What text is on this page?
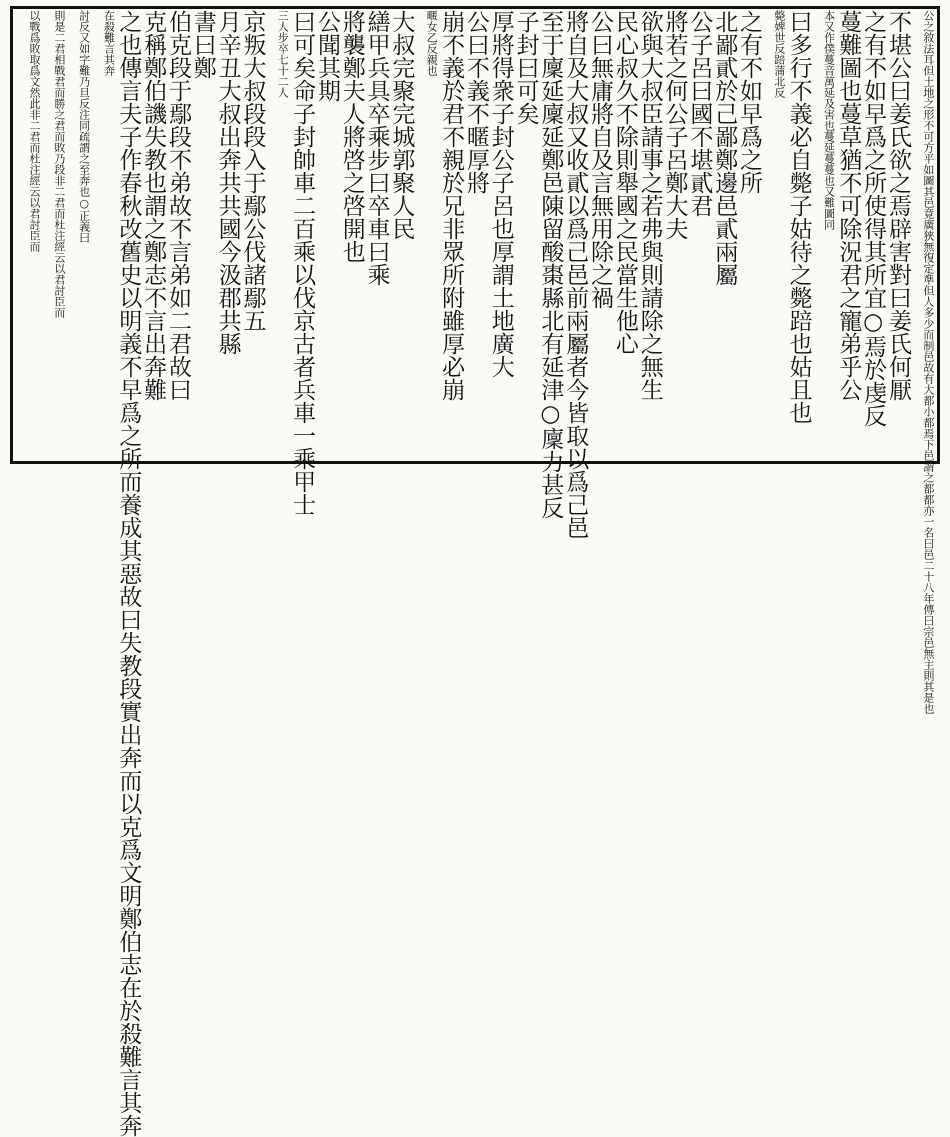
公之敘法耳但土地之形不可方平如圖其邑竟廣狹無復定準但人多少而制邑故有大都小都焉下邑謂之都都亦一名曰邑二十八年傳曰宗邑無主則其是也
不堪公曰姜氏欲之焉辟害對曰姜氏何厭
之有不如早爲之所使得其所宜○焉於虔反
蔓難圖也蔓草猶不可除況君之寵弟乎公
本又作僕蔓音萬延及害也蔓延蔓蔓也又難圖同
曰多行不義必自斃子姑待之斃踣也姑且也
斃婢世反踣蒲北反
之有不如早爲之所
北鄙貳於己鄙鄭邊邑貳兩屬
公子呂曰國不堪貳君
將若之何公子呂鄭大夫
欲與大叔臣請事之若弗與則請除之無生
民心叔久不除則舉國之民當生他心
公曰無庸將自及言無用除之禍
將自及大叔又收貳以爲己邑前兩屬者今皆取以爲己邑
至于廩延廩延鄭邑陳留酸棗縣北有延津○廩力甚反
子封曰可矣
厚將得衆子封公子呂也厚謂土地廣大
公曰不義不暱厚將
崩不義於君不親於兄非眾所附雖厚必崩
暱女乙反親也
大叔完聚完城郭聚人民
繕甲兵具卒乘步曰卒車曰乘
將襲鄭夫人將啓之啓開也
公聞其期
曰可矣命子封帥車二百乘以伐京古者兵車一乘甲士
三人步卒七十二人
京叛大叔段段入于鄢公伐諸鄢五
月辛丑大叔出奔共共國今汲郡共縣
書曰鄭
伯克段于鄢段不弟故不言弟如二君故曰
克稱鄭伯譏失教也謂之鄭志不言出奔難
之也傳言夫子作春秋改舊史以明義不早爲之所而養成其惡故曰失教段實出奔而以克爲文明鄭伯志在於殺難言其奔
在殺難言其奔
討反又如字難乃旦反注同疏謂之至奔也○正義曰
則是二君相戰君而勝之君而敗乃段非二君而杜注經云以君討臣而
以戰爲敗取爲文然此非二君而杜注經云以君討臣而
